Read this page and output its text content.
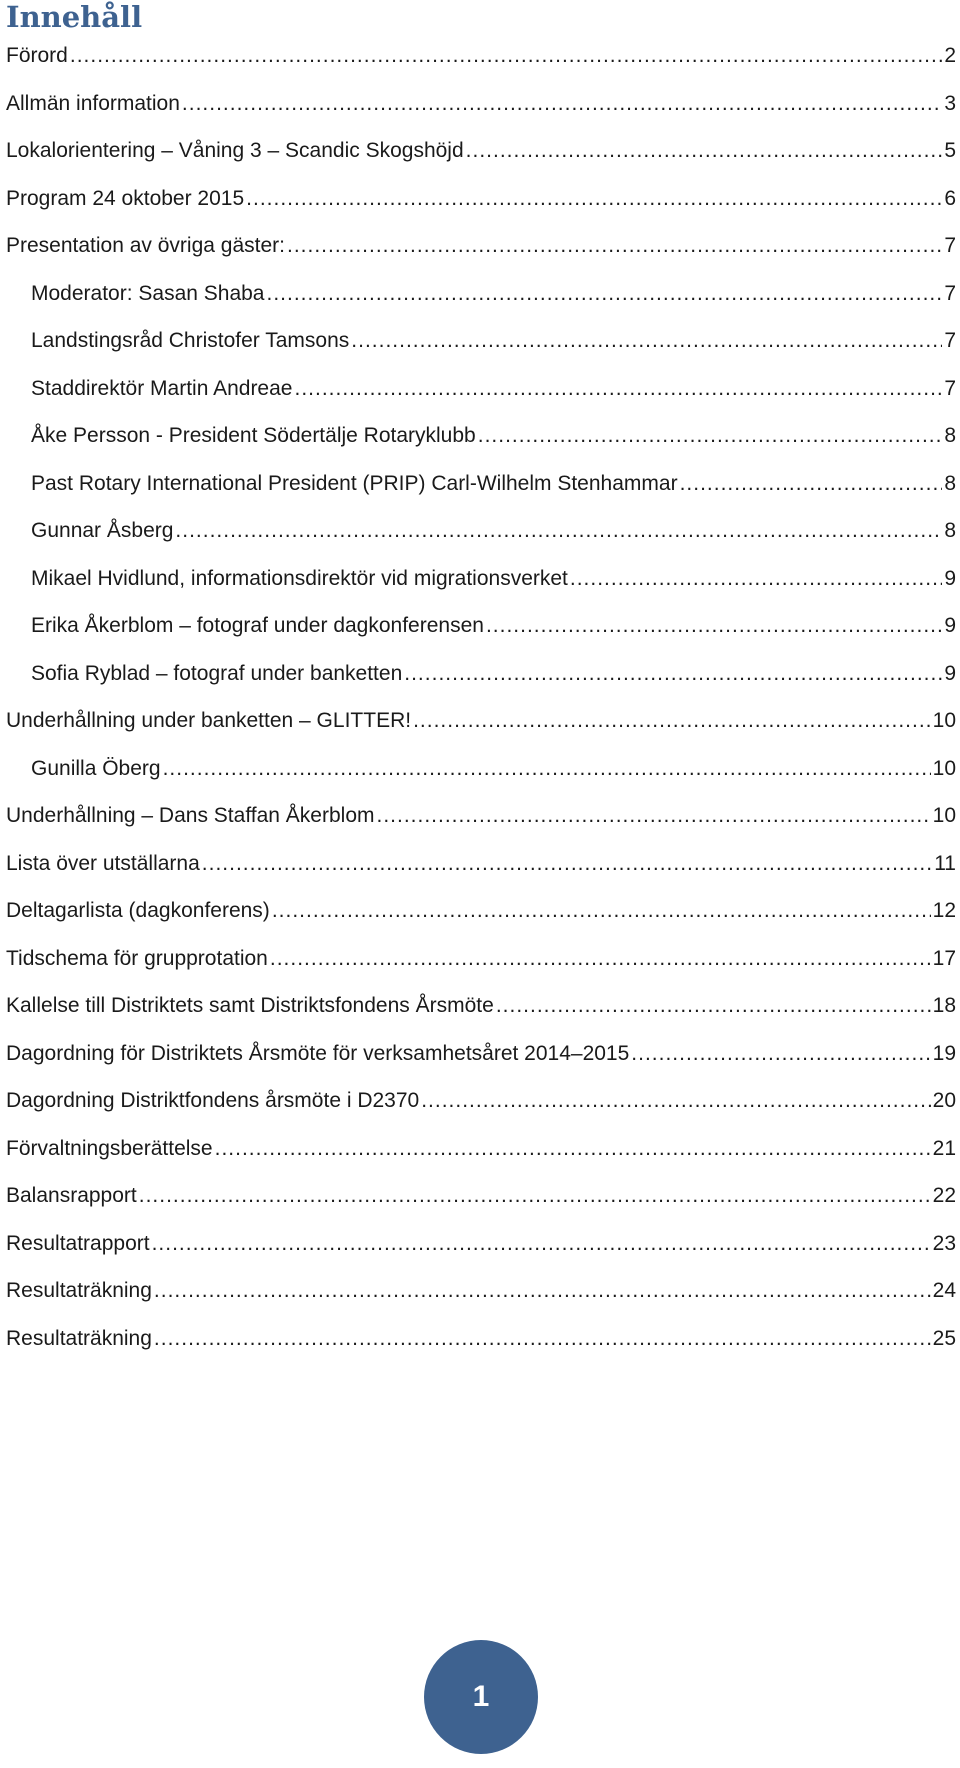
Innehåll
Förord .....	2
Allmän information .....	3
Lokalorientering – Våning 3 – Scandic Skogshöjd .....	5
Program 24 oktober 2015 .....	6
Presentation av övriga gäster: .....	7
Moderator: Sasan Shaba .....	7
Landstingsråd Christofer Tamsons .....	7
Staddirektör Martin Andreae .....	7
Åke Persson - President Södertälje Rotaryklubb .....	8
Past Rotary International President (PRIP) Carl-Wilhelm Stenhammar .....	8
Gunnar Åsberg .....	8
Mikael Hvidlund, informationsdirektör vid migrationsverket .....	9
Erika Åkerblom – fotograf under dagkonferensen .....	9
Sofia Ryblad – fotograf under banketten .....	9
Underhållning under banketten – GLITTER! .....	10
Gunilla Öberg .....	10
Underhållning – Dans Staffan Åkerblom .....	10
Lista över utställarna .....	11
Deltagarlista (dagkonferens) .....	12
Tidschema för grupprotation .....	17
Kallelse till Distriktets samt Distriktsfondens Årsmöte .....	18
Dagordning för Distriktets Årsmöte för verksamhetsåret 2014–2015 .....	19
Dagordning Distriktfondens årsmöte i D2370 .....	20
Förvaltningsberättelse .....	21
Balansrapport .....	22
Resultatrapport .....	23
Resultaträkning .....	24
Resultaträkning .....	25
1
